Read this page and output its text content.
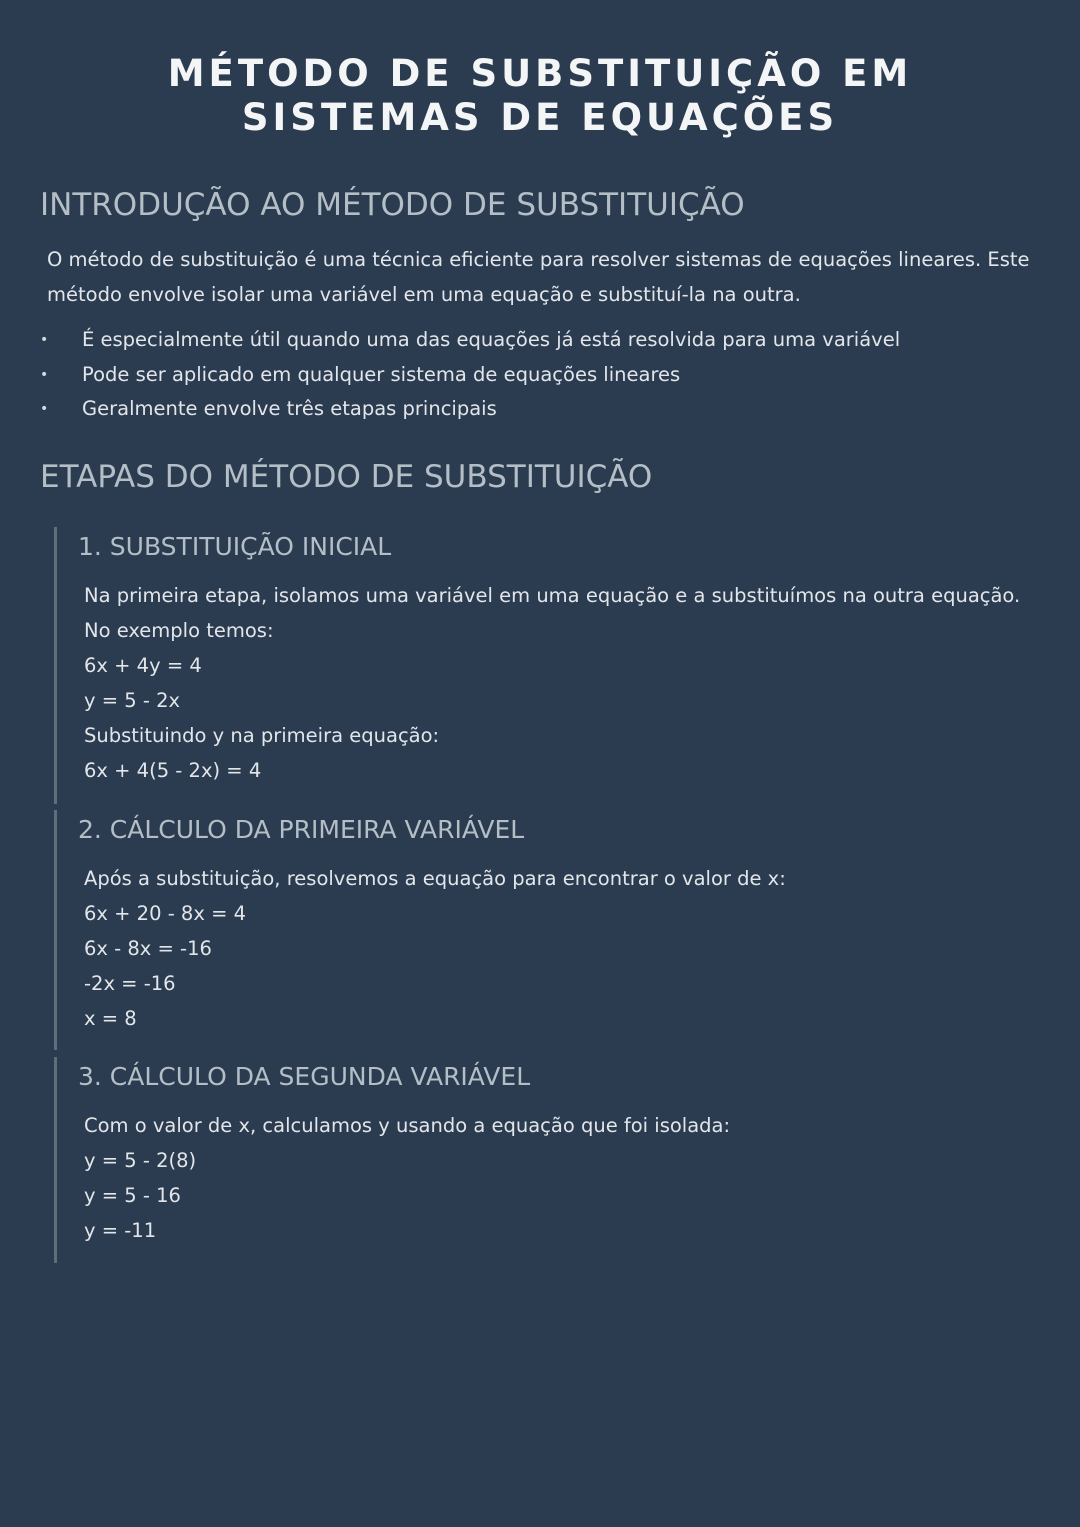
MÉTODO DE SUBSTITUIÇÃO EM SISTEMAS DE EQUAÇÕES
INTRODUÇÃO AO MÉTODO DE SUBSTITUIÇÃO

O método de substituição é uma técnica eficiente para resolver sistemas de equações lineares. Este método envolve isolar uma variável em uma equação e substituí-la na outra.

• É especialmente útil quando uma das equações já está resolvida para uma variável
• Pode ser aplicado em qualquer sistema de equações lineares
• Geralmente envolve três etapas principais
ETAPAS DO MÉTODO DE SUBSTITUIÇÃO
1. SUBSTITUIÇÃO INICIAL
Na primeira etapa, isolamos uma variável em uma equação e a substituímos na outra equação. No exemplo temos:
6x + 4y = 4
y = 5 - 2x
Substituindo y na primeira equação:
6x + 4(5 - 2x) = 4
2. CÁLCULO DA PRIMEIRA VARIÁVEL
Após a substituição, resolvemos a equação para encontrar o valor de x:
6x + 20 - 8x = 4
6x - 8x = -16
-2x = -16
x = 8
3. CÁLCULO DA SEGUNDA VARIÁVEL
Com o valor de x, calculamos y usando a equação que foi isolada:
y = 5 - 2(8)
y = 5 - 16
y = -11
